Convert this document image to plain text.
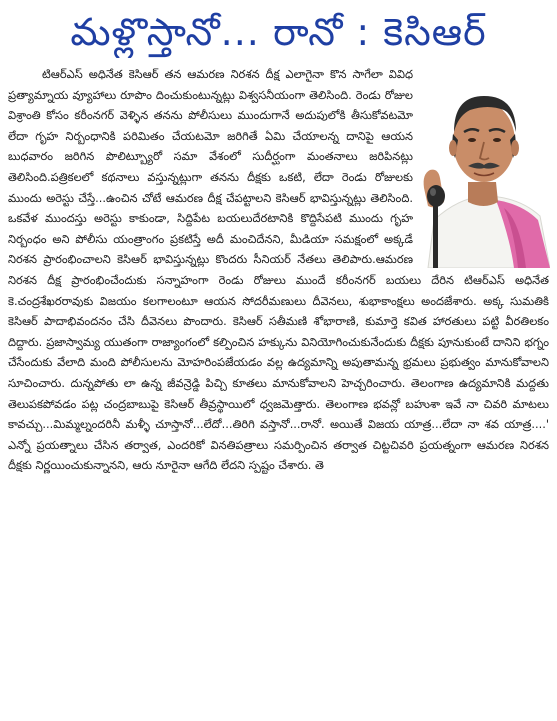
మళ్లొస్తానో... రానో : కెసిఆర్

టిఆర్ఎస్ అధినేత కెసిఆర్ తన ఆమరణ నిరశన దీక్ష ఎలాగైనా కొన సాగేలా వివిధ ప్రత్యామ్నాయ వ్యూహాలు రూపొం దించుకుంటున్నట్లు విశ్వసనీయంగా తెలిసింది. రెండు రోజుల విశ్రాంతి కోసం కరీంనగర్ వెళ్ళిన తనను పోలీసులు ముందుగానే అదుపులోకి తీసుకోవటమో లేదా గృహ నిర్బంధానికి పరిమితం చేయటమో జరిగితే ఏమి చేయాలన్న దానిపై ఆయన బుధవారం జరిగిన పొలిట్బ్యూరో సమా వేశంలో సుదీర్ఘంగా మంతనాలు జరిపినట్లు తెలిసింది.పత్రికలలో కథనాలు వస్తున్నట్లుగా తనను దీక్షకు ఒకటి, లేదా రెండు రోజులకు ముందు అరెస్టు చేస్తే...ఉంచిన చోటే ఆమరణ దీక్ష చేపట్టాలని కెసిఆర్ భావిస్తున్నట్లు తెలిసింది. ఒకవేళ ముందస్తు అరెస్టు కాకుండా, సిద్దిపేట బయలుదేరటానికి కొద్దిసేపటి ముందు గృహ నిర్బంధం అని పోలీసు యంత్రాంగం ప్రకటిస్తే అదీ మంచిదేనని, మీడియా సమక్షంలో అక్కడే నిరశన ప్రారంభించాలని కెసిఆర్ భావిస్తున్నట్లు కొందరు సీనియర్ నేతలు తెలిపారు.ఆమరణ నిరశన దీక్ష ప్రారంభించేందుకు సన్నాహంగా రెండు రోజులు ముందే కరీంనగర్ బయలు దేరిన టిఆర్ఎస్ అధినేత కె.చంద్రశేఖరరావుకు విజయం కలగాలంటూ ఆయన సోదరీమణులు దీవెనలు, శుభాకాంక్షలు అందజేశారు. అక్క సుమతికి కెసిఆర్ పాదాభివందనం చేసి దీవెనలు పొందారు. కెసిఆర్ సతీమణి శోభారాణి, కుమార్తె కవిత హారతులు పట్టి వీరతిలకం దిద్దారు. ప్రజాస్వామ్య యుతంగా రాజ్యాంగంలో కల్పించిన హక్కును వినియోగించుకునేందుకు దీక్షకు పూనుకుంటే దానిని భగ్నం చేసేందుకు వేలాది మంది పోలీసులను మోహరింపజేయడం వల్ల ఉద్యమాన్ని అపుతామన్న భ్రమలు ప్రభుత్వం మానుకోవాలని సూచించారు. దున్నపోతు లా ఉన్న జీవన్రెడ్డి పిచ్చి కూతలు మానుకోవాలని హెచ్చరించారు. తెలంగాణ ఉద్యమానికి మద్దతు తెలుపకపోవడం పట్ల చంద్రబాబుపై కెసిఆర్ తీవ్రస్థాయిలో ధ్వజమెత్తారు. తెలంగాణ భవన్లో బహుశా ఇవే నా చివరి మాటలు కావచ్చు...మిమ్మల్నందరినీ మళ్ళీ చూస్తానో...లేదో...తిరిగి వస్తానో...రానో. అయితే విజయ యాత్ర...లేదా నా శవ యాత్ర....' ఎన్నో ప్రయత్నాలు చేసిన తర్వాత, ఎందరికో వినతిపత్రాలు సమర్పించిన తర్వాత చిట్టచివరి ప్రయత్నంగా ఆమరణ నిరశన దీక్షకు నిర్ణయించుకున్నానని, ఆరు నూరైనా ఆగేది లేదని స్పష్టం చేశారు. తె
